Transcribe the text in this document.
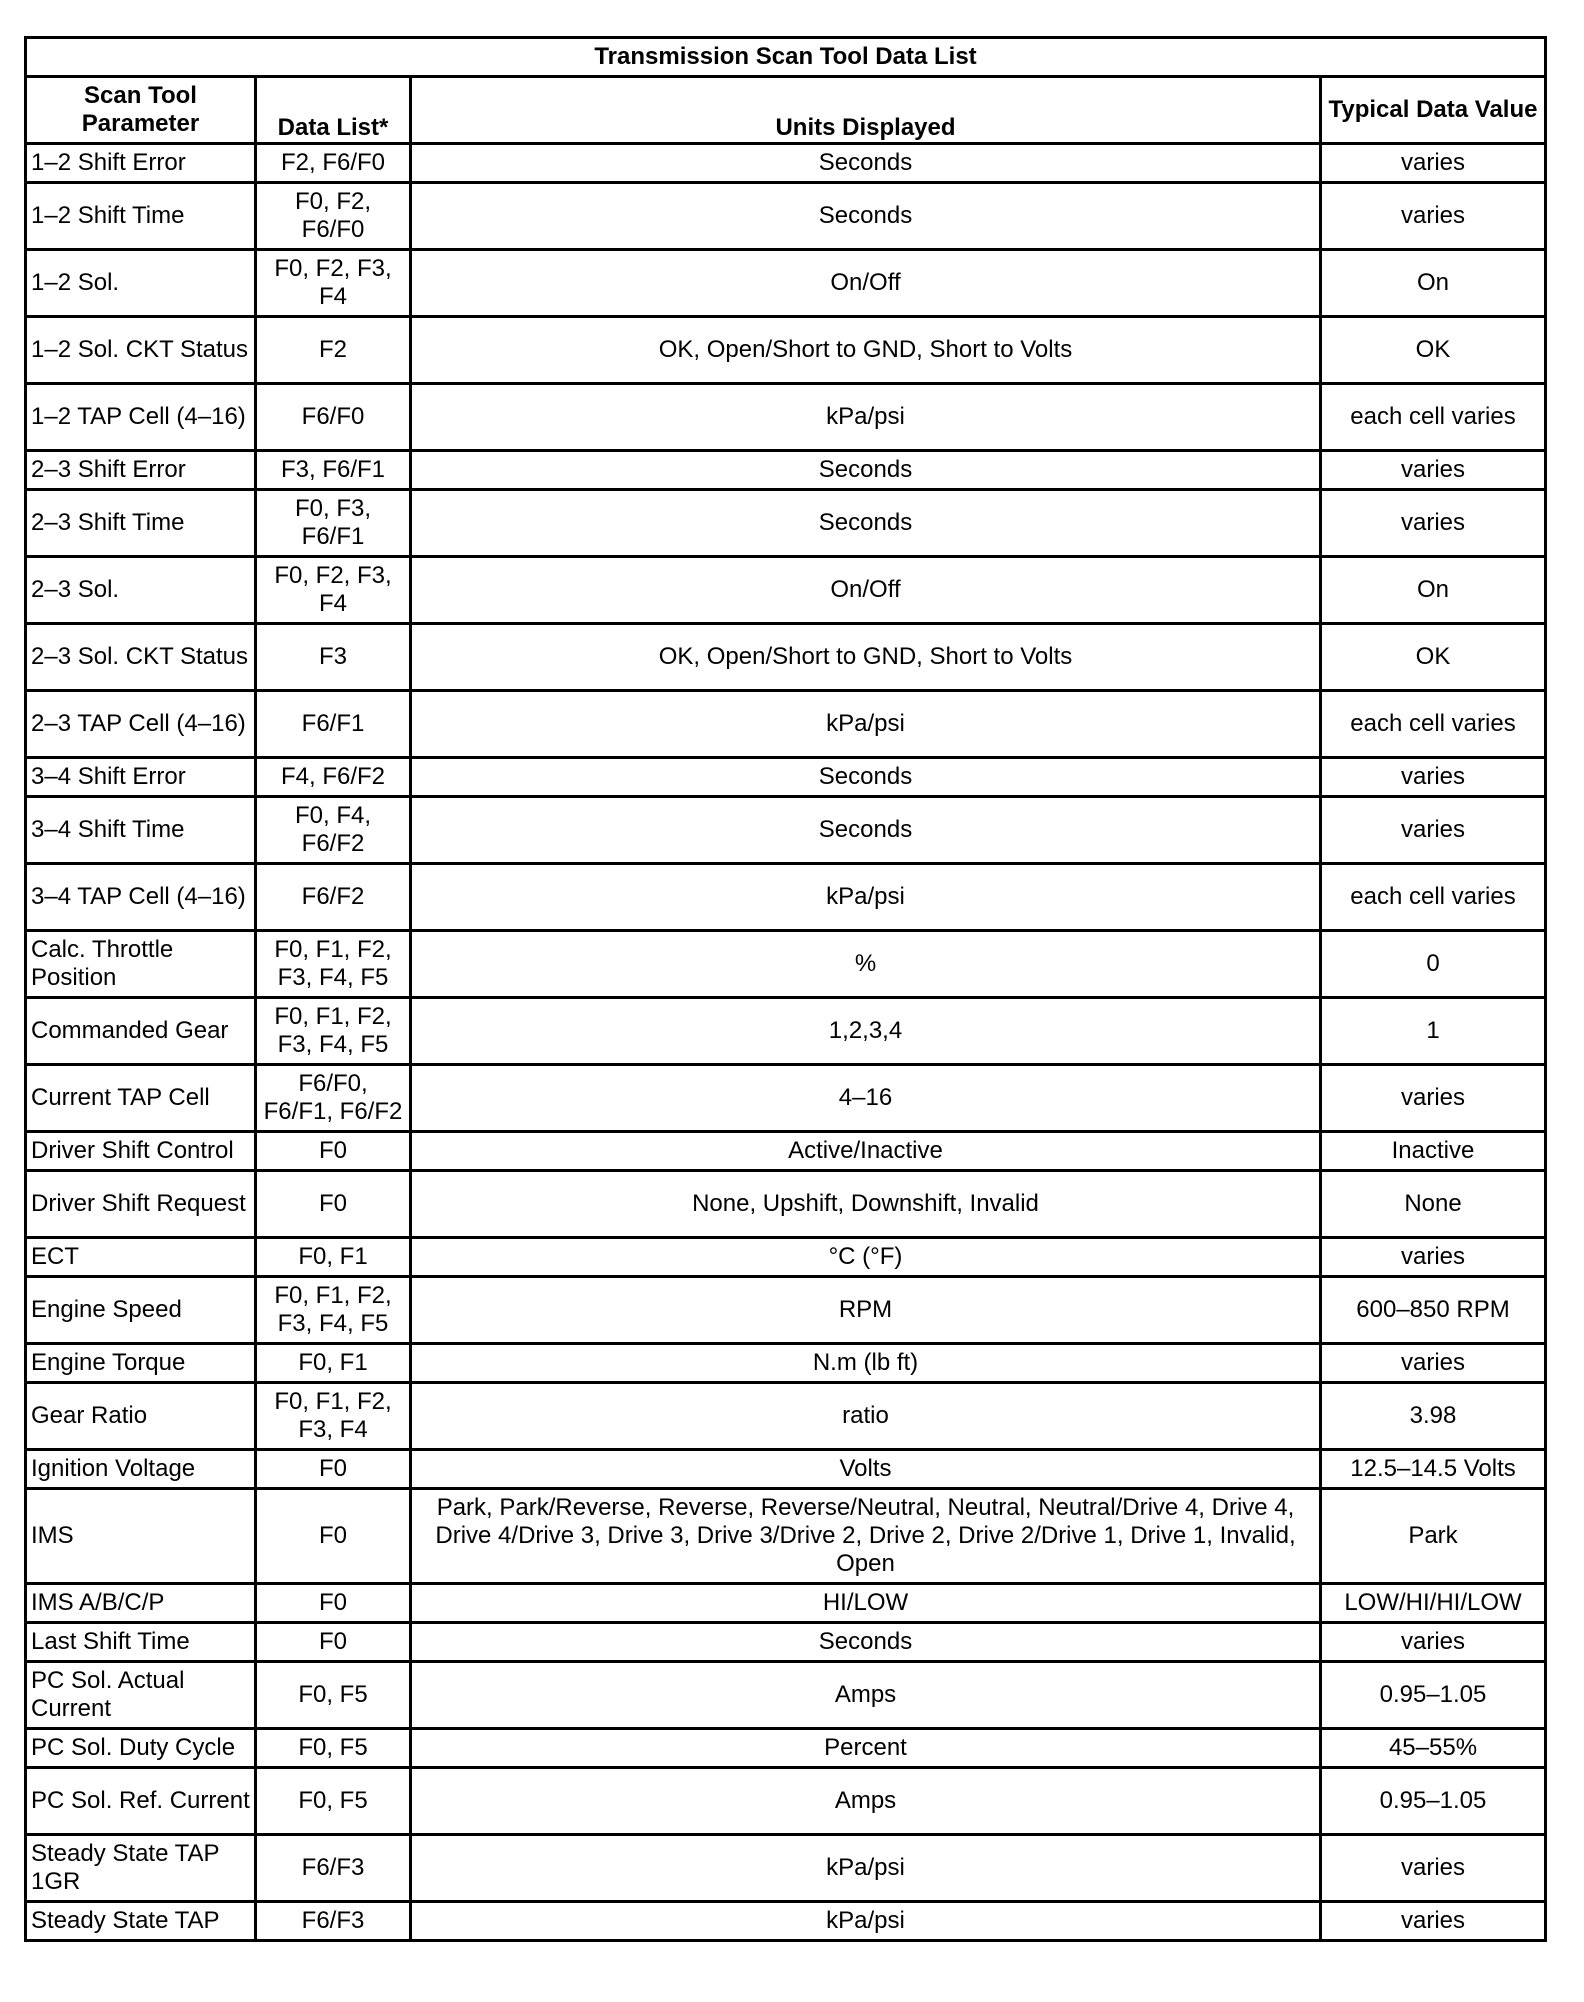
Transmission Scan Tool Data List			
Scan Tool Parameter	Data List*	Units Displayed	Typical Data Value
1–2 Shift Error	F2, F6/F0	Seconds	varies
1–2 Shift Time	F0, F2, F6/F0	Seconds	varies
1–2 Sol.	F0, F2, F3, F4	On/Off	On
1–2 Sol. CKT Status	F2	OK, Open/Short to GND, Short to Volts	OK
1–2 TAP Cell (4–16)	F6/F0	kPa/psi	each cell varies
2–3 Shift Error	F3, F6/F1	Seconds	varies
2–3 Shift Time	F0, F3, F6/F1	Seconds	varies
2–3 Sol.	F0, F2, F3, F4	On/Off	On
2–3 Sol. CKT Status	F3	OK, Open/Short to GND, Short to Volts	OK
2–3 TAP Cell (4–16)	F6/F1	kPa/psi	each cell varies
3–4 Shift Error	F4, F6/F2	Seconds	varies
3–4 Shift Time	F0, F4, F6/F2	Seconds	varies
3–4 TAP Cell (4–16)	F6/F2	kPa/psi	each cell varies
Calc. Throttle Position	F0, F1, F2, F3, F4, F5	%	0
Commanded Gear	F0, F1, F2, F3, F4, F5	1,2,3,4	1
Current TAP Cell	F6/F0, F6/F1, F6/F2	4–16	varies
Driver Shift Control	F0	Active/Inactive	Inactive
Driver Shift Request	F0	None, Upshift, Downshift, Invalid	None
ECT	F0, F1	°C (°F)	varies
Engine Speed	F0, F1, F2, F3, F4, F5	RPM	600–850 RPM
Engine Torque	F0, F1	N.m (lb ft)	varies
Gear Ratio	F0, F1, F2, F3, F4	ratio	3.98
Ignition Voltage	F0	Volts	12.5–14.5 Volts
IMS	F0	Park, Park/Reverse, Reverse, Reverse/Neutral, Neutral, Neutral/Drive 4, Drive 4, Drive 4/Drive 3, Drive 3, Drive 3/Drive 2, Drive 2, Drive 2/Drive 1, Drive 1, Invalid, Open	Park
IMS A/B/C/P	F0	HI/LOW	LOW/HI/HI/LOW
Last Shift Time	F0	Seconds	varies
PC Sol. Actual Current	F0, F5	Amps	0.95–1.05
PC Sol. Duty Cycle	F0, F5	Percent	45–55%
PC Sol. Ref. Current	F0, F5	Amps	0.95–1.05
Steady State TAP 1GR	F6/F3	kPa/psi	varies
Steady State TAP	F6/F3	kPa/psi	varies
